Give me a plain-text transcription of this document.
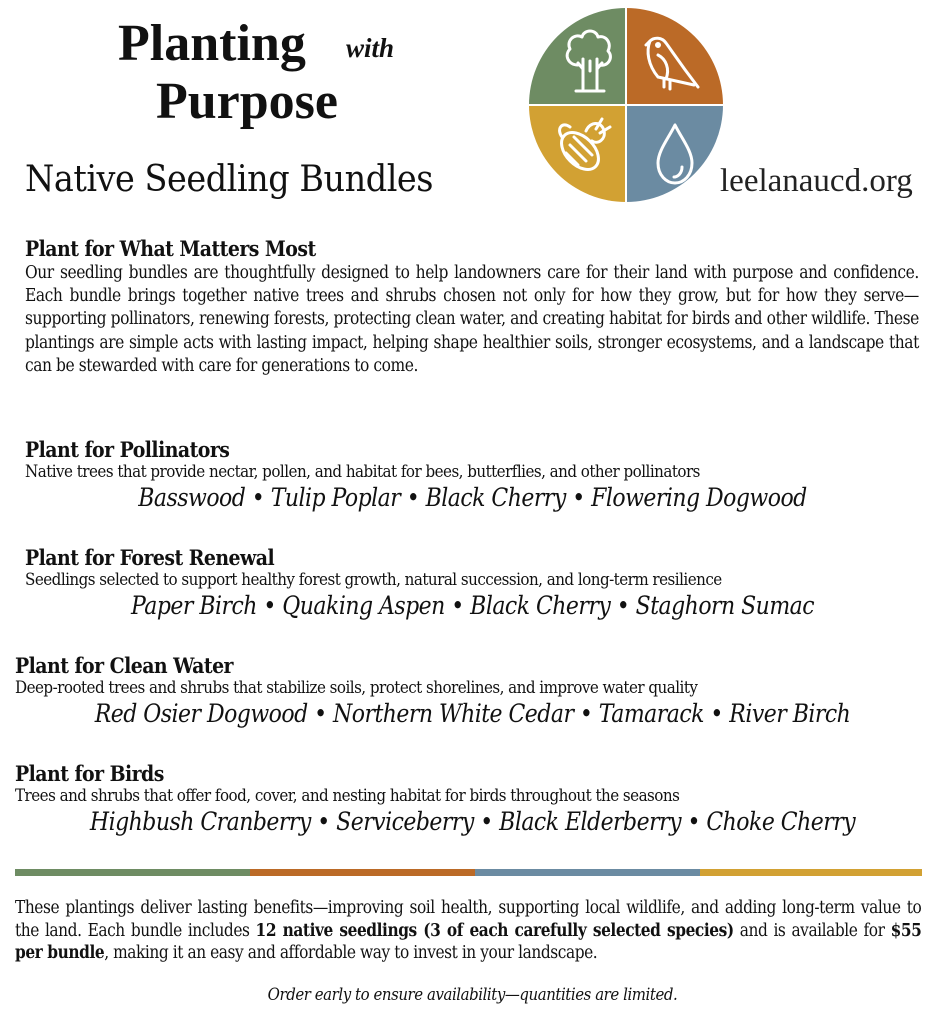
Planting with
Purpose
Native Seedling Bundles	leelanaucd.org
Plant for What Matters Most
Our seedling bundles are thoughtfully designed to help landowners care for their land with purpose and confidence. Each bundle brings together native trees and shrubs chosen not only for how they grow, but for how they serve—supporting pollinators, renewing forests, protecting clean water, and creating habitat for birds and other wildlife. These plantings are simple acts with lasting impact, helping shape healthier soils, stronger ecosystems, and a landscape that can be stewarded with care for generations to come.
Plant for Pollinators
Native trees that provide nectar, pollen, and habitat for bees, butterflies, and other pollinators
Basswood • Tulip Poplar • Black Cherry • Flowering Dogwood
Plant for Forest Renewal
Seedlings selected to support healthy forest growth, natural succession, and long-term resilience
Paper Birch • Quaking Aspen • Black Cherry • Staghorn Sumac
Plant for Clean Water
Deep-rooted trees and shrubs that stabilize soils, protect shorelines, and improve water quality
Red Osier Dogwood • Northern White Cedar • Tamarack • River Birch
Plant for Birds
Trees and shrubs that offer food, cover, and nesting habitat for birds throughout the seasons
Highbush Cranberry • Serviceberry • Black Elderberry • Choke Cherry
These plantings deliver lasting benefits—improving soil health, supporting local wildlife, and adding long-term value to the land. Each bundle includes 12 native seedlings (3 of each carefully selected species) and is available for $55 per bundle, making it an easy and affordable way to invest in your landscape.
Order early to ensure availability—quantities are limited.
